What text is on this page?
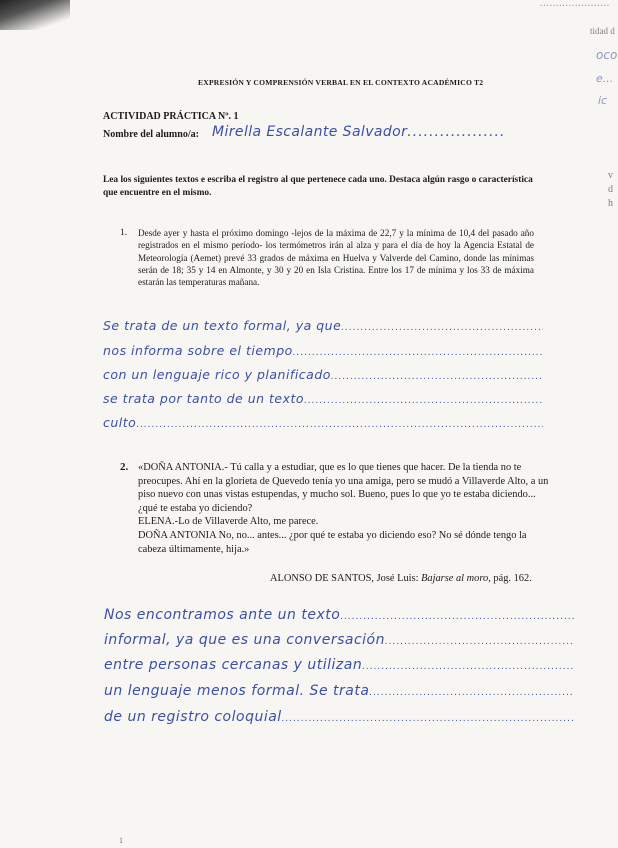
......................
tidad d
oco
e...
ic
v
d
h
EXPRESIÓN Y COMPRENSIÓN VERBAL EN EL CONTEXTO ACADÉMICO T2
ACTIVIDAD PRÁCTICA Nº. 1
Nombre del alumno/a: Mirella Escalante Salvador..................
Lea los siguientes textos e escriba el registro al que pertenece cada uno. Destaca algún rasgo o característica que encuentre en el mismo.
1. Desde ayer y hasta el próximo domingo -lejos de la máxima de 22,7 y la mínima de 10,4 del pasado año registrados en el mismo período- los termómetros irán al alza y para el día de hoy la Agencia Estatal de Meteorología (Aemet) prevé 33 grados de máxima en Huelva y Valverde del Camino, donde las mínimas serán de 18; 35 y 14 en Almonte, y 30 y 20 en Isla Cristina. Entre los 17 de mínima y los 33 de máxima estarán las temperaturas mañana.
Se trata de un texto formal, ya que .....
nos informa sobre el tiempo .....
con un lenguaje rico y planificado .....
se trata por tanto de un texto .....
culto .....
2. «DOÑA ANTONIA.- Tú calla y a estudiar, que es lo que tienes que hacer. De la tienda no te preocupes. Ahí en la glorieta de Quevedo tenía yo una amiga, pero se mudó a Villaverde Alto, a un piso nuevo con unas vistas estupendas, y mucho sol. Bueno, pues lo que yo te estaba diciendo... ¿qué te estaba yo diciendo?

ELENA.-Lo de Villaverde Alto, me parece.

DOÑA ANTONIA No, no... antes... ¿por qué te estaba yo diciendo eso? No sé dónde tengo la cabeza últimamente, hija.»

ALONSO DE SANTOS, José Luis: Bajarse al moro, pág. 162.
Nos encontramos ante un texto .....
informal, ya que es una conversación .....
entre personas cercanas y utilizan .....
un lenguaje menos formal. Se trata .....
de un registro coloquial .....
1
